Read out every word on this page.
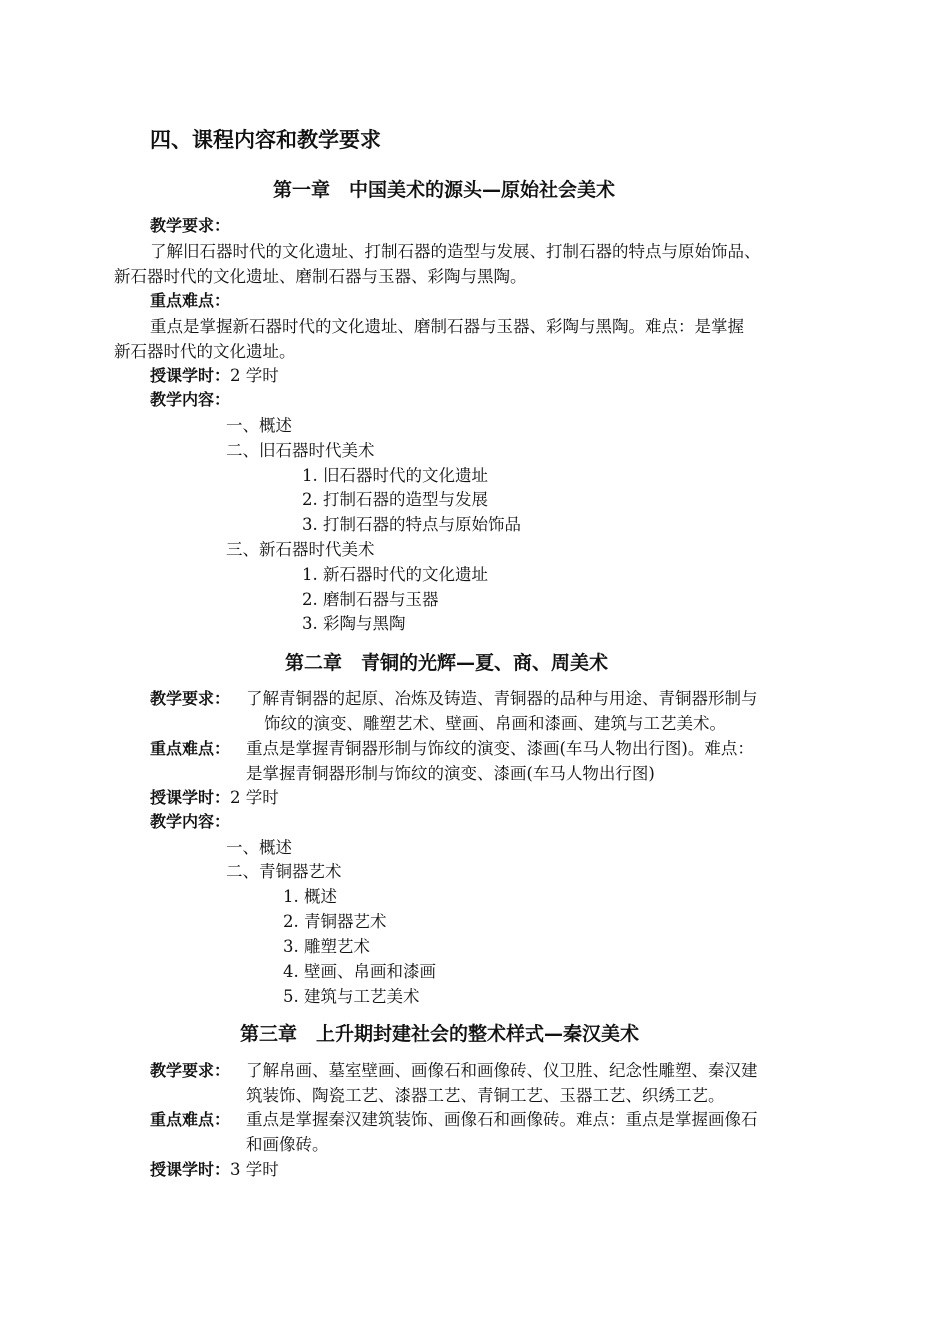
四、课程内容和教学要求
第一章　中国美术的源头—原始社会美术
教学要求：
了解旧石器时代的文化遗址、打制石器的造型与发展、打制石器的特点与原始饰品、
新石器时代的文化遗址、磨制石器与玉器、彩陶与黑陶。
重点难点：
重点是掌握新石器时代的文化遗址、磨制石器与玉器、彩陶与黑陶。难点：是掌握
新石器时代的文化遗址。
授课学时：2 学时
教学内容：
一、概述
二、旧石器时代美术
1. 旧石器时代的文化遗址
2. 打制石器的造型与发展
3. 打制石器的特点与原始饰品
三、新石器时代美术
1. 新石器时代的文化遗址
2. 磨制石器与玉器
3. 彩陶与黑陶
第二章　青铜的光辉—夏、商、周美术
教学要求： 了解青铜器的起原、冶炼及铸造、青铜器的品种与用途、青铜器形制与
饰纹的演变、雕塑艺术、壁画、帛画和漆画、建筑与工艺美术。
重点难点： 重点是掌握青铜器形制与饰纹的演变、漆画(车马人物出行图)。难点：
是掌握青铜器形制与饰纹的演变、漆画(车马人物出行图)
授课学时：2 学时
教学内容：
一、概述
二、青铜器艺术
1. 概述
2. 青铜器艺术
3. 雕塑艺术
4. 壁画、帛画和漆画
5. 建筑与工艺美术
第三章　上升期封建社会的整术样式—秦汉美术
教学要求： 了解帛画、墓室壁画、画像石和画像砖、仪卫胜、纪念性雕塑、秦汉建
筑装饰、陶瓷工艺、漆器工艺、青铜工艺、玉器工艺、织绣工艺。
重点难点： 重点是掌握秦汉建筑装饰、画像石和画像砖。难点：重点是掌握画像石
和画像砖。
授课学时：3 学时
